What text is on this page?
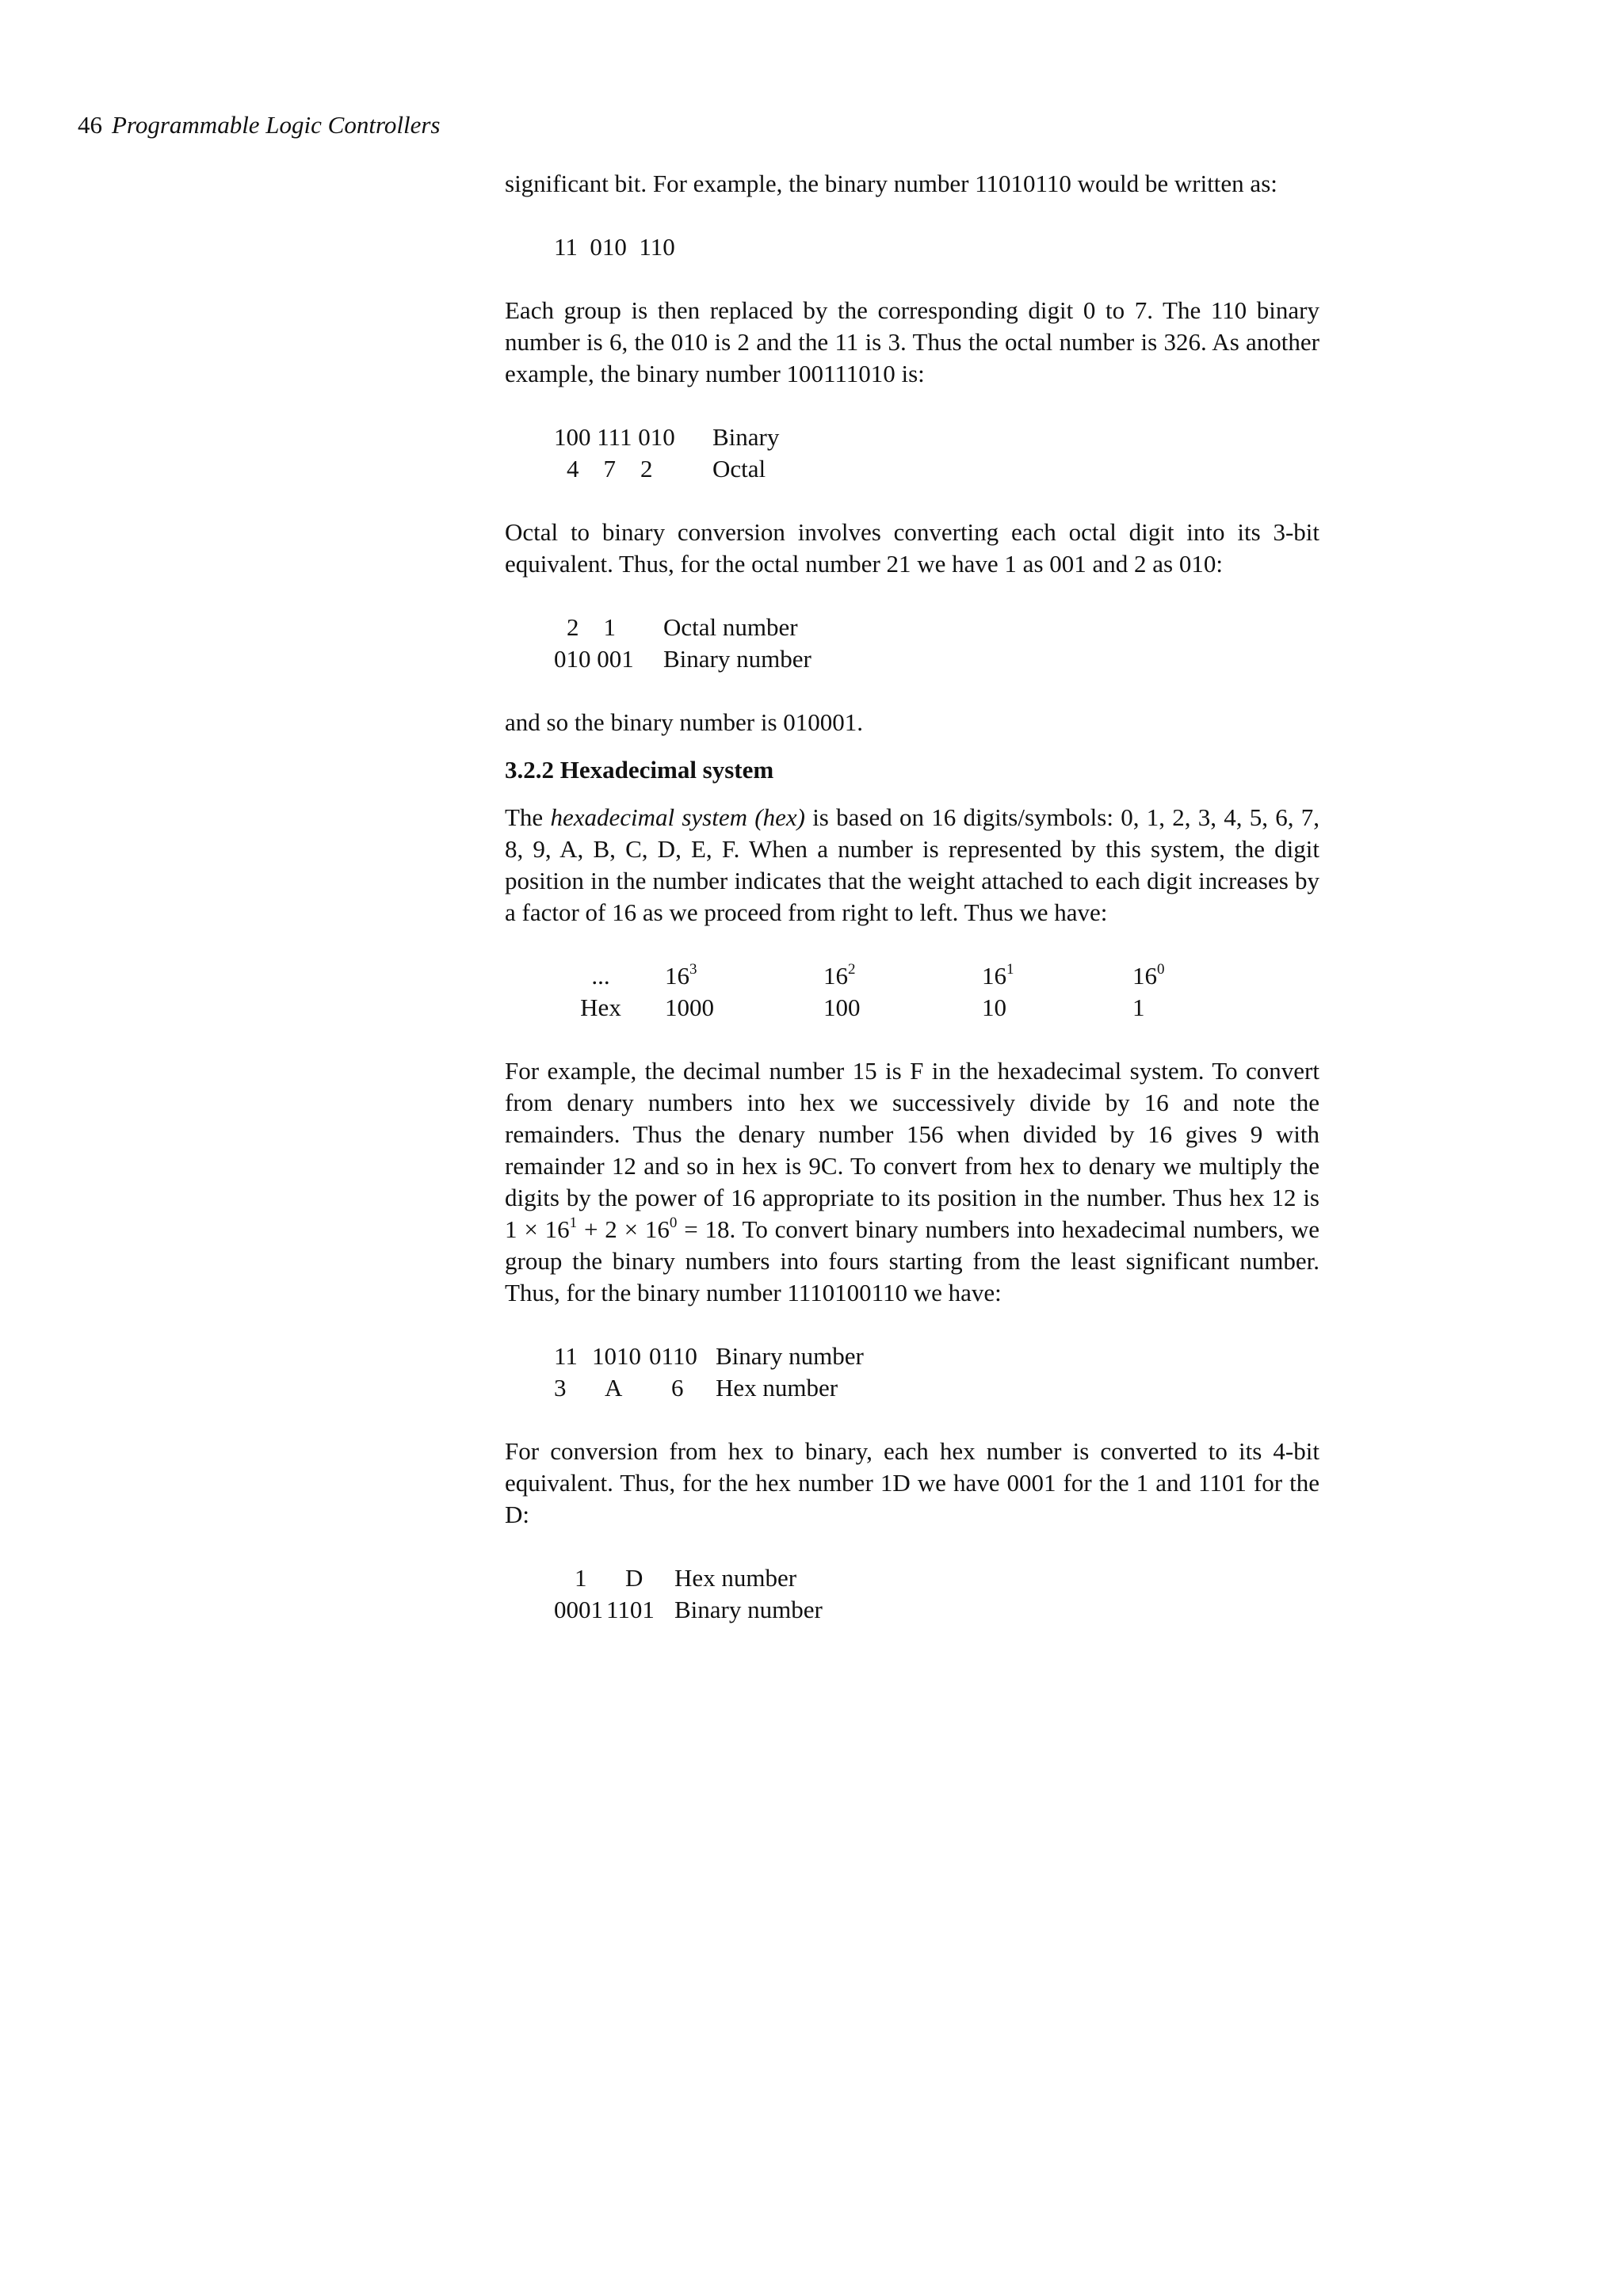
46 Programmable Logic Controllers

significant bit. For example, the binary number 11010110 would be written as:

11  010  110

Each group is then replaced by the corresponding digit 0 to 7. The 110 binary number is 6, the 010 is 2 and the 11 is 3. Thus the octal number is 326. As another example, the binary number 100111010 is:

100 111 010	Binary
4    7    2	Octal

Octal to binary conversion involves converting each octal digit into its 3-bit equivalent. Thus, for the octal number 21 we have 1 as 001 and 2 as 010:

2    1	Octal number
010 001	Binary number

and so the binary number is 010001.

3.2.2 Hexadecimal system

The hexadecimal system (hex) is based on 16 digits/symbols: 0, 1, 2, 3, 4, 5, 6, 7, 8, 9, A, B, C, D, E, F. When a number is represented by this system, the digit position in the number indicates that the weight attached to each digit increases by a factor of 16 as we proceed from right to left. Thus we have:

...	$16^3$	$16^2$	$16^1$	$16^0$
Hex	1000	100	10	1

For example, the decimal number 15 is F in the hexadecimal system. To convert from denary numbers into hex we successively divide by 16 and note the remainders. Thus the denary number 156 when divided by 16 gives 9 with remainder 12 and so in hex is 9C. To convert from hex to denary we multiply the digits by the power of 16 appropriate to its position in the number. Thus hex 12 is $1 \times 16^1 + 2 \times 16^0 = 18$. To convert binary numbers into hexadecimal numbers, we group the binary numbers into fours starting from the least significant number. Thus, for the binary number 1110100110 we have:

11 1010 0110 Binary number
3	A	6	Hex number

For conversion from hex to binary, each hex number is converted to its 4-bit equivalent. Thus, for the hex number 1D we have 0001 for the 1 and 1101 for the D:

1	D	Hex number
0001 1101 Binary number
